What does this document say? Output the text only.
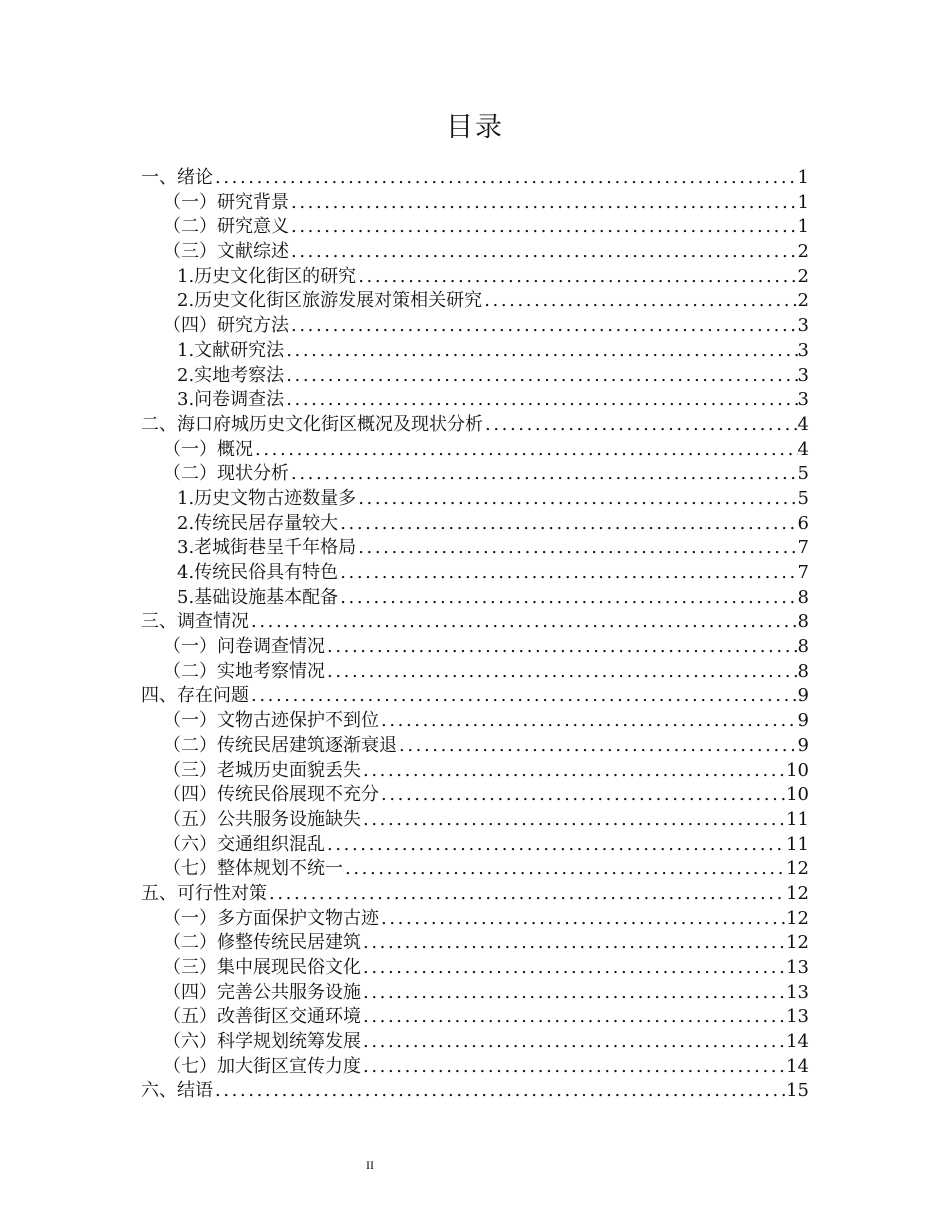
目录
一、绪论 .....	1
（一）研究背景 .....	1
（二）研究意义 .....	1
（三）文献综述 .....	2
1.历史文化街区的研究 .....	2
2.历史文化街区旅游发展对策相关研究 .....	2
（四）研究方法 .....	3
1.文献研究法 .....	3
2.实地考察法 .....	3
3.问卷调查法 .....	3
二、海口府城历史文化街区概况及现状分析 .....	4
（一）概况 .....	4
（二）现状分析 .....	5
1.历史文物古迹数量多 .....	5
2.传统民居存量较大 .....	6
3.老城街巷呈千年格局 .....	7
4.传统民俗具有特色 .....	7
5.基础设施基本配备 .....	8
三、调查情况 .....	8
（一）问卷调查情况 .....	8
（二）实地考察情况 .....	8
四、存在问题 .....	9
（一）文物古迹保护不到位 .....	9
（二）传统民居建筑逐渐衰退 .....	9
（三）老城历史面貌丢失 .....	10
（四）传统民俗展现不充分 .....	10
（五）公共服务设施缺失 .....	11
（六）交通组织混乱 .....	11
（七）整体规划不统一 .....	12
五、可行性对策 .....	12
（一）多方面保护文物古迹 .....	12
（二）修整传统民居建筑 .....	12
（三）集中展现民俗文化 .....	13
（四）完善公共服务设施 .....	13
（五）改善街区交通环境 .....	13
（六）科学规划统筹发展 .....	14
（七）加大街区宣传力度 .....	14
六、结语 .....	15
II
